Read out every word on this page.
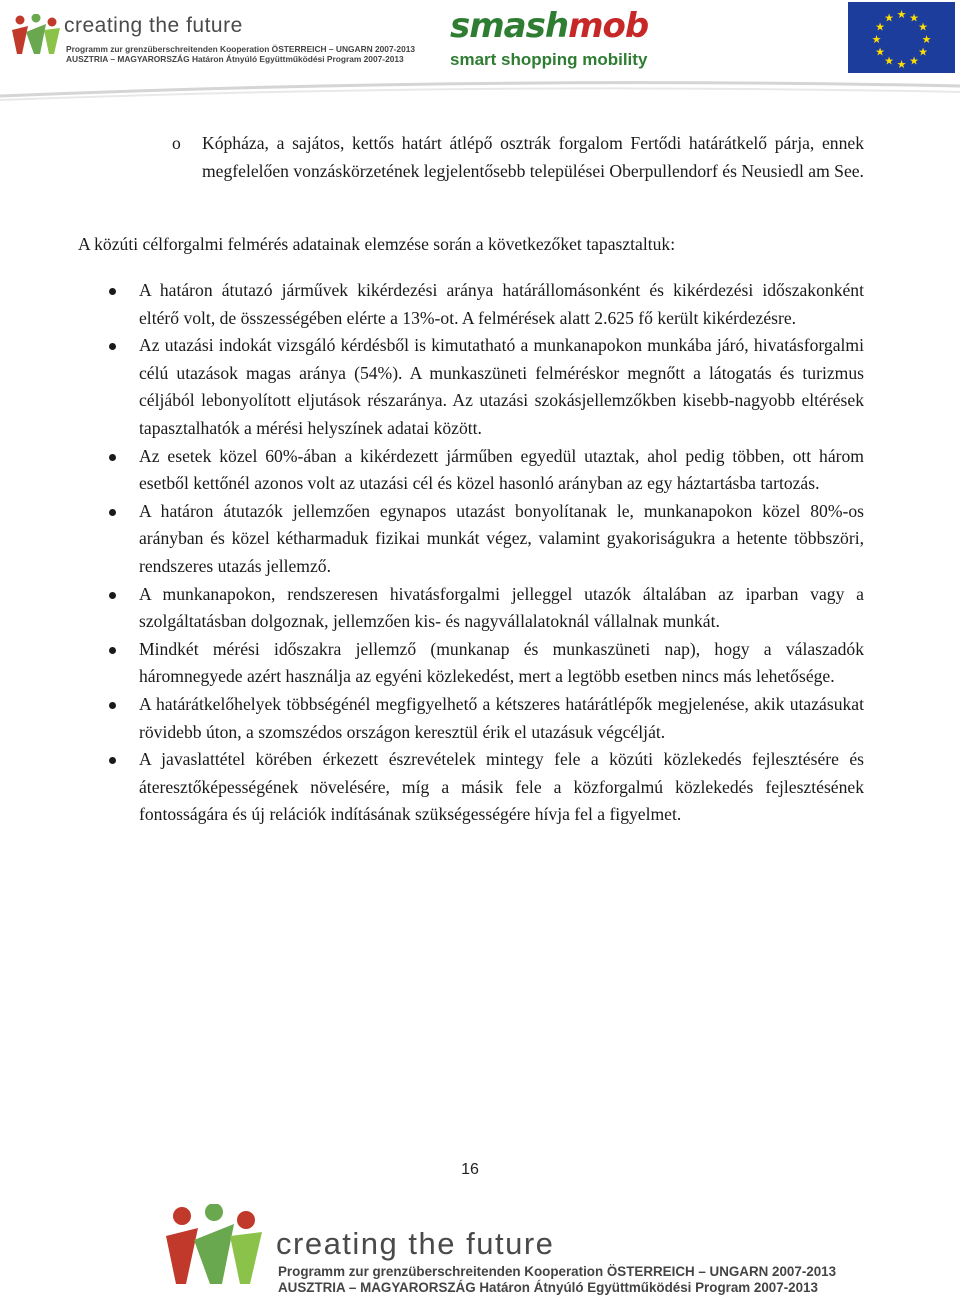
creating the future
Programm zur grenzüberschreitenden Kooperation ÖSTERREICH – UNGARN 2007-2013
AUSZTRIA – MAGYARORSZÁG Határon Átnyúló Együttműködési Program 2007-2013
smashmob
smart shopping mobility
★ ★
★
★
★
★
★
★
★
★
★
★
o Kópháza, a sajátos, kettős határt átlépő osztrák forgalom Fertődi határátkelő párja, ennek megfelelően vonzáskörzetének legjelentősebb települései Oberpullendorf és Neusiedl am See.
A közúti célforgalmi felmérés adatainak elemzése során a következőket tapasztaltuk:
A határon átutazó járművek kikérdezési aránya határállomásonként és kikérdezési időszakonként eltérő volt, de összességében elérte a 13%-ot. A felmérések alatt 2.625 fő került kikérdezésre.
Az utazási indokát vizsgáló kérdésből is kimutatható a munkanapokon munkába járó, hivatásforgalmi célú utazások magas aránya (54%). A munkaszüneti felméréskor megnőtt a látogatás és turizmus céljából lebonyolított eljutások részaránya. Az utazási szokásjellemzőkben kisebb-nagyobb eltérések tapasztalhatók a mérési helyszínek adatai között.
Az esetek közel 60%-ában a kikérdezett járműben egyedül utaztak, ahol pedig többen, ott három esetből kettőnél azonos volt az utazási cél és közel hasonló arányban az egy háztartásba tartozás.
A határon átutazók jellemzően egynapos utazást bonyolítanak le, munkanapokon közel 80%-os arányban és közel kétharmaduk fizikai munkát végez, valamint gyakoriságukra a hetente többszöri, rendszeres utazás jellemző.
A munkanapokon, rendszeresen hivatásforgalmi jelleggel utazók általában az iparban vagy a szolgáltatásban dolgoznak, jellemzően kis- és nagyvállalatoknál vállalnak munkát.
Mindkét mérési időszakra jellemző (munkanap és munkaszüneti nap), hogy a válaszadók háromnegyede azért használja az egyéni közlekedést, mert a legtöbb esetben nincs más lehetősége.
A határátkelőhelyek többségénél megfigyelhető a kétszeres határátlépők megjelenése, akik utazásukat rövidebb úton, a szomszédos országon keresztül érik el utazásuk végcélját.
A javaslattétel körében érkezett észrevételek mintegy fele a közúti közlekedés fejlesztésére és áteresztőképességének növelésére, míg a másik fele a közforgalmú közlekedés fejlesztésének fontosságára és új relációk indításának szükségességére hívja fel a figyelmet.
16
creating the future
Programm zur grenzüberschreitenden Kooperation ÖSTERREICH – UNGARN 2007-2013
AUSZTRIA – MAGYARORSZÁG Határon Átnyúló Együttműködési Program 2007-2013
